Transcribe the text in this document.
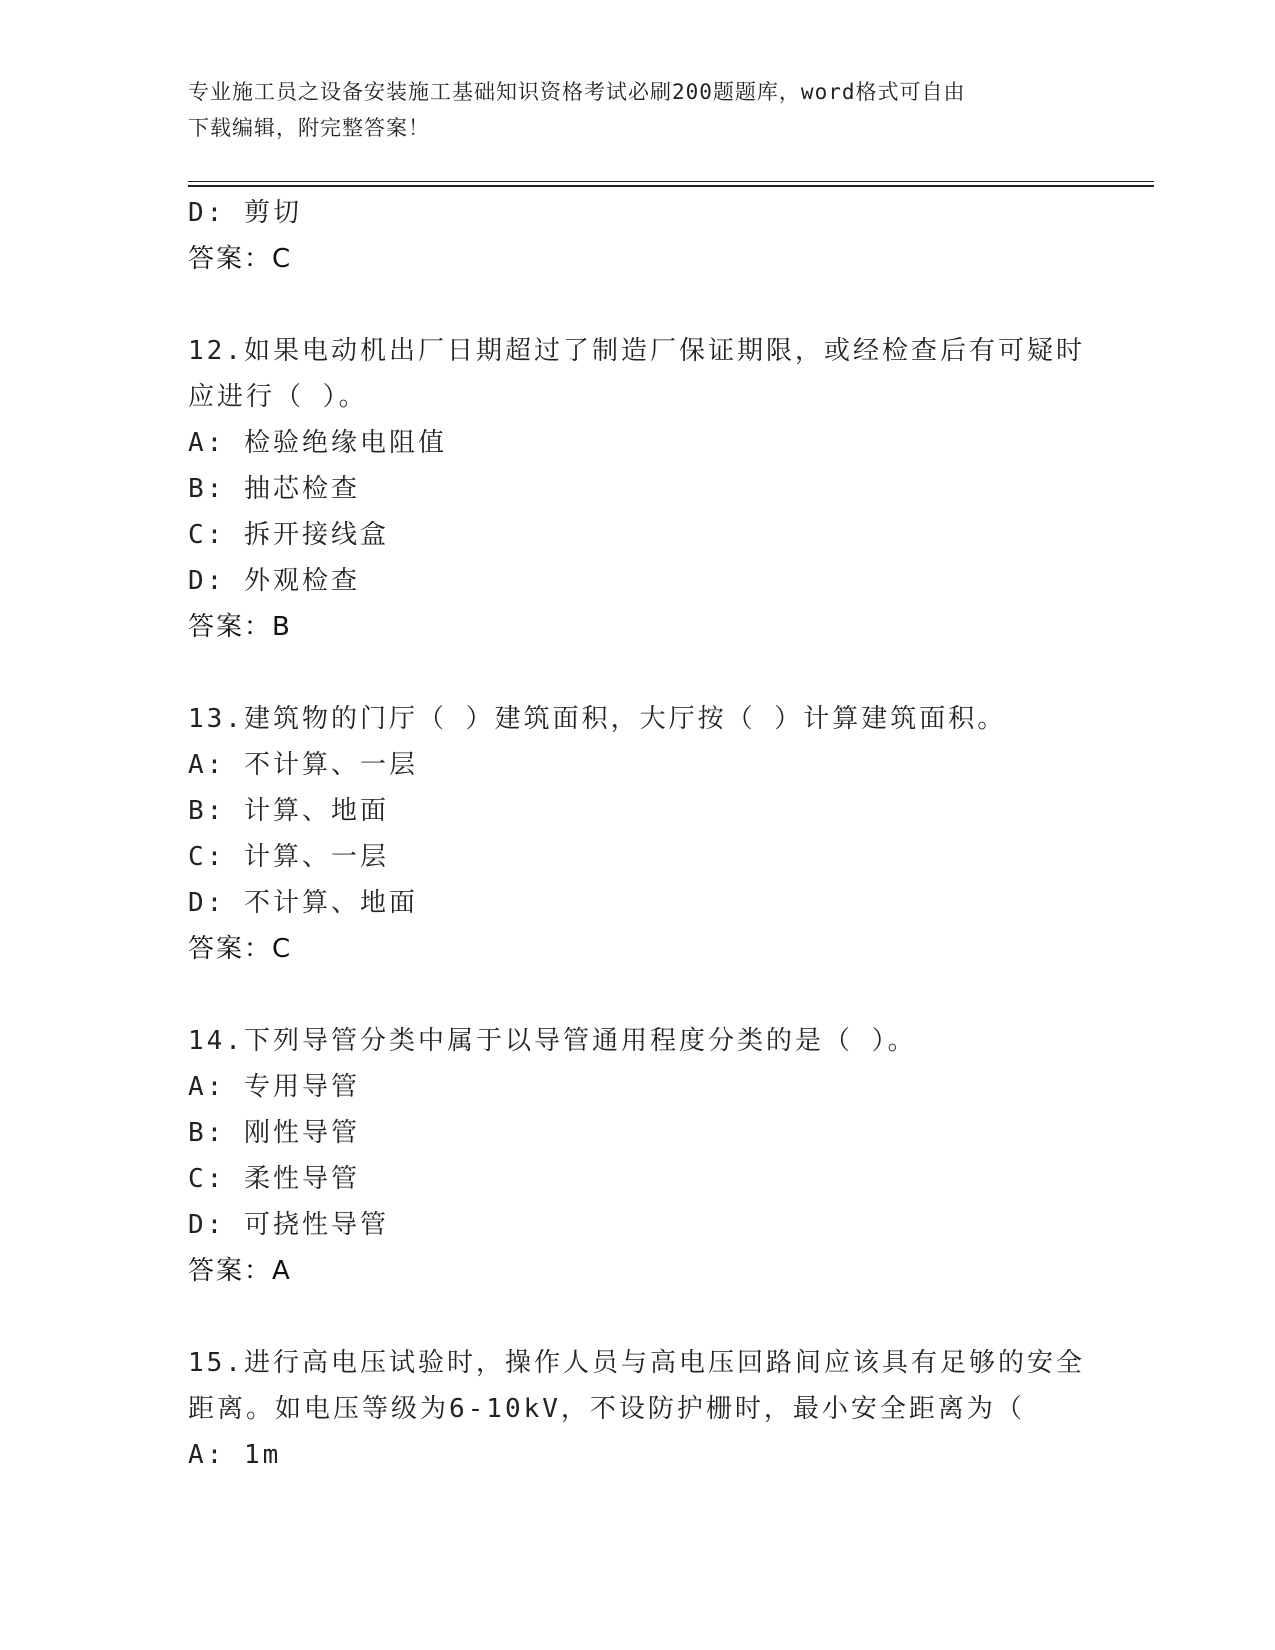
专业施工员之设备安装施工基础知识资格考试必刷200题题库，word格式可自由
下载编辑，附完整答案！

D: 剪切

答案：C

12.如果电动机出厂日期超过了制造厂保证期限，或经检查后有可疑时

应进行（ ）。

A: 检验绝缘电阻值

B: 抽芯检查

C: 拆开接线盒

D: 外观检查

答案：B

13.建筑物的门厅（ ）建筑面积，大厅按（ ）计算建筑面积。

A: 不计算、一层

B: 计算、地面

C: 计算、一层

D: 不计算、地面

答案：C

14.下列导管分类中属于以导管通用程度分类的是（ ）。

A: 专用导管

B: 刚性导管

C: 柔性导管

D: 可挠性导管

答案：A

15.进行高电压试验时，操作人员与高电压回路间应该具有足够的安全

距离。如电压等级为6-10kV，不设防护栅时，最小安全距离为（

A: 1m
